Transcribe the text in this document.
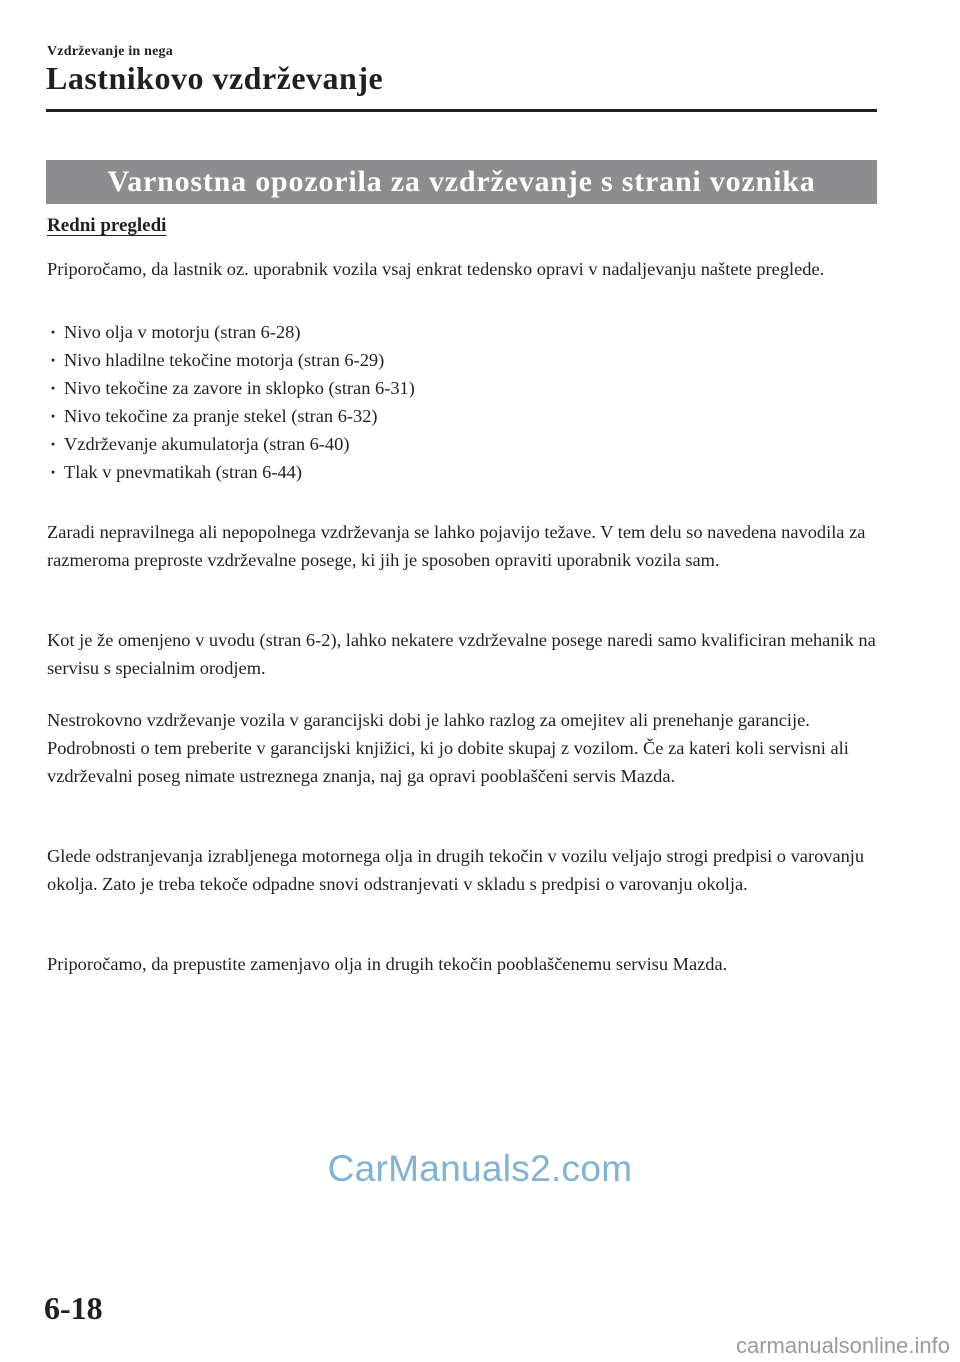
Vzdrževanje in nega
Lastnikovo vzdrževanje
Varnostna opozorila za vzdrževanje s strani voznika
Redni pregledi

Priporočamo, da lastnik oz. uporabnik vozila vsaj enkrat tedensko opravi v nadaljevanju naštete preglede.

· Nivo olja v motorju (stran 6-28)
· Nivo hladilne tekočine motorja (stran 6-29)
· Nivo tekočine za zavore in sklopko (stran 6-31)
· Nivo tekočine za pranje stekel (stran 6-32)
· Vzdrževanje akumulatorja (stran 6-40)
· Tlak v pnevmatikah (stran 6-44)

Zaradi nepravilnega ali nepopolnega vzdrževanja se lahko pojavijo težave. V tem delu so navedena navodila za razmeroma preproste vzdrževalne posege, ki jih je sposoben opraviti uporabnik vozila sam.

Kot je že omenjeno v uvodu (stran 6-2), lahko nekatere vzdrževalne posege naredi samo kvalificiran mehanik na servisu s specialnim orodjem.

Nestrokovno vzdrževanje vozila v garancijski dobi je lahko razlog za omejitev ali prenehanje garancije. Podrobnosti o tem preberite v garancijski knjižici, ki jo dobite skupaj z vozilom. Če za kateri koli servisni ali vzdrževalni poseg nimate ustreznega znanja, naj ga opravi pooblaščeni servis Mazda.

Glede odstranjevanja izrabljenega motornega olja in drugih tekočin v vozilu veljajo strogi predpisi o varovanju okolja. Zato je treba tekoče odpadne snovi odstranjevati v skladu s predpisi o varovanju okolja.

Priporočamo, da prepustite zamenjavo olja in drugih tekočin pooblaščenemu servisu Mazda.

CarManuals2.com
6-18
carmanualsonline.info
